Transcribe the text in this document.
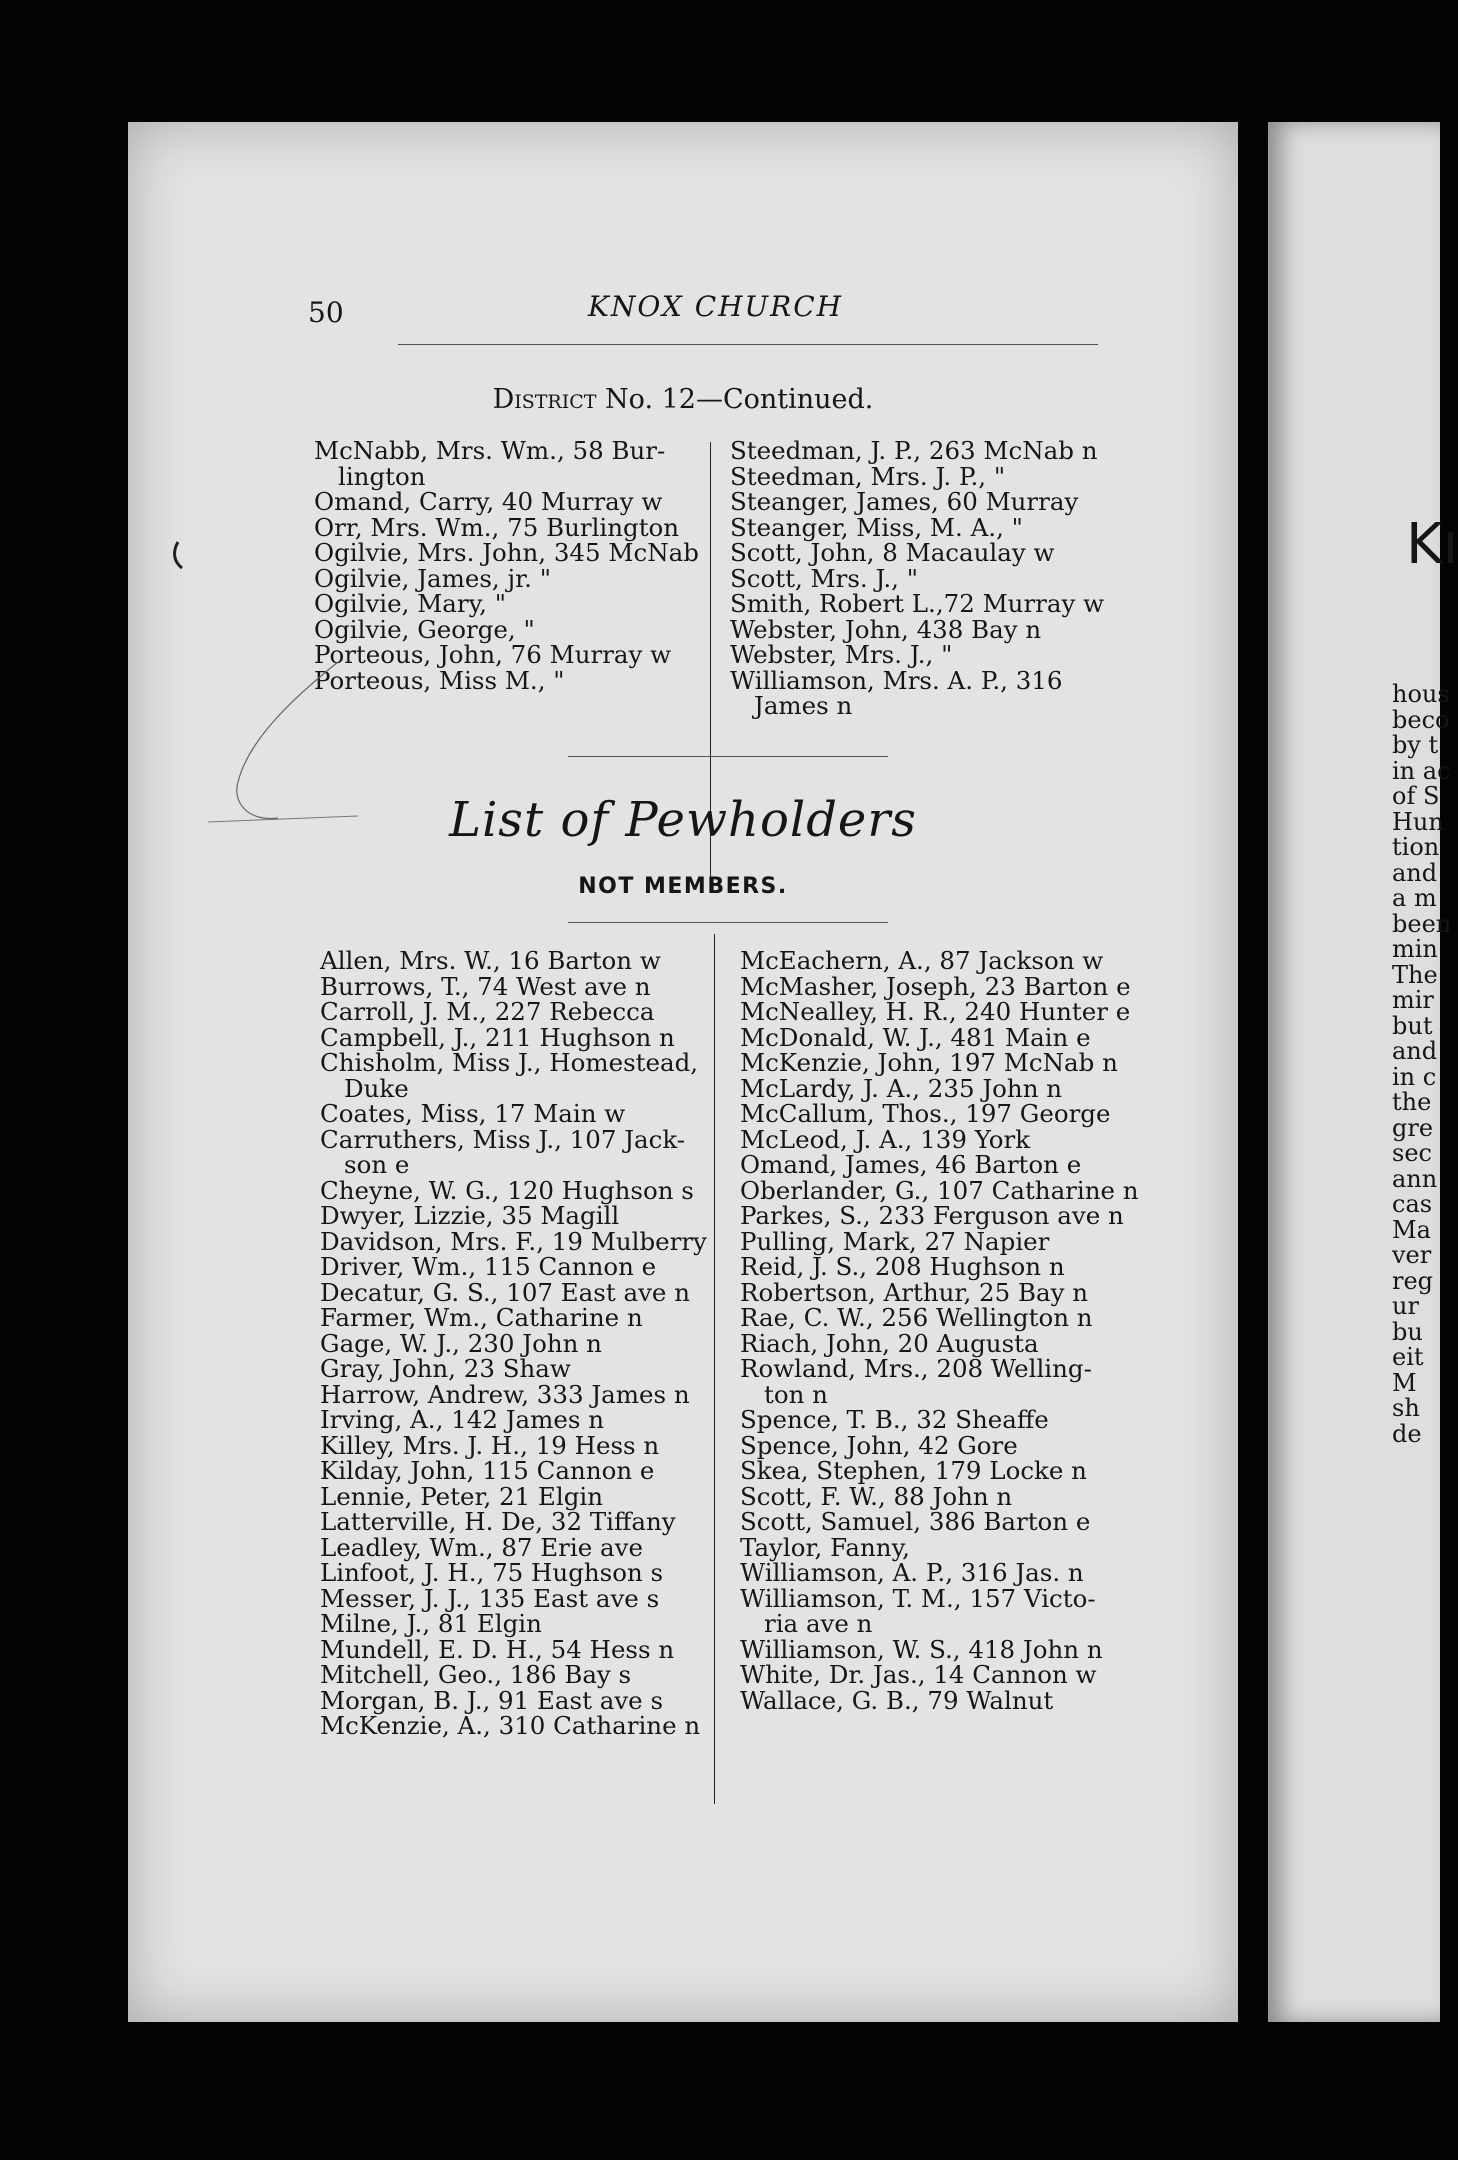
50	KNOX CHURCH
District No. 12—Continued.
McNabb, Mrs. Wm., 58 Bur-
lington
Omand, Carry, 40 Murray w
Orr, Mrs. Wm., 75 Burlington
Ogilvie, Mrs. John, 345 McNab
Ogilvie, James, jr. "
Ogilvie, Mary, "
Ogilvie, George, "
Porteous, John, 76 Murray w
Porteous, Miss M., "
Steedman, J. P., 263 McNab n
Steedman, Mrs. J. P., "
Steanger, James, 60 Murray
Steanger, Miss, M. A., "
Scott, John, 8 Macaulay w
Scott, Mrs. J., "
Smith, Robert L.,72 Murray w
Webster, John, 438 Bay n
Webster, Mrs. J., "
Williamson, Mrs. A. P., 316
James n
List of Pewholders
NOT MEMBERS.
Allen, Mrs. W., 16 Barton w
Burrows, T., 74 West ave n
Carroll, J. M., 227 Rebecca
Campbell, J., 211 Hughson n
Chisholm, Miss J., Homestead,
Duke
Coates, Miss, 17 Main w
Carruthers, Miss J., 107 Jack-
son e
Cheyne, W. G., 120 Hughson s
Dwyer, Lizzie, 35 Magill
Davidson, Mrs. F., 19 Mulberry
Driver, Wm., 115 Cannon e
Decatur, G. S., 107 East ave n
Farmer, Wm., Catharine n
Gage, W. J., 230 John n
Gray, John, 23 Shaw
Harrow, Andrew, 333 James n
Irving, A., 142 James n
Killey, Mrs. J. H., 19 Hess n
Kilday, John, 115 Cannon e
Lennie, Peter, 21 Elgin
Latterville, H. De, 32 Tiffany
Leadley, Wm., 87 Erie ave
Linfoot, J. H., 75 Hughson s
Messer, J. J., 135 East ave s
Milne, J., 81 Elgin
Mundell, E. D. H., 54 Hess n
Mitchell, Geo., 186 Bay s
Morgan, B. J., 91 East ave s
McKenzie, A., 310 Catharine n
McEachern, A., 87 Jackson w
McMasher, Joseph, 23 Barton e
McNealley, H. R., 240 Hunter e
McDonald, W. J., 481 Main e
McKenzie, John, 197 McNab n
McLardy, J. A., 235 John n
McCallum, Thos., 197 George
McLeod, J. A., 139 York
Omand, James, 46 Barton e
Oberlander, G., 107 Catharine n
Parkes, S., 233 Ferguson ave n
Pulling, Mark, 27 Napier
Reid, J. S., 208 Hughson n
Robertson, Arthur, 25 Bay n
Rae, C. W., 256 Wellington n
Riach, John, 20 Augusta
Rowland, Mrs., 208 Welling-
ton n
Spence, T. B., 32 Sheaffe
Spence, John, 42 Gore
Skea, Stephen, 179 Locke n
Scott, F. W., 88 John n
Scott, Samuel, 386 Barton e
Taylor, Fanny,
Williamson, A. P., 316 Jas. n
Williamson, T. M., 157 Victo-
ria ave n
Williamson, W. S., 418 John n
White, Dr. Jas., 14 Cannon w
Wallace, G. B., 79 Walnut
Kı
hous
beco
by t
in ac
of S
Hun
tion
and
a m
been
min
The
mir
but
and
in c
the
gre
sec
ann
cas
Ma
ver
reg
ur
bu
eit
M
sh
de
